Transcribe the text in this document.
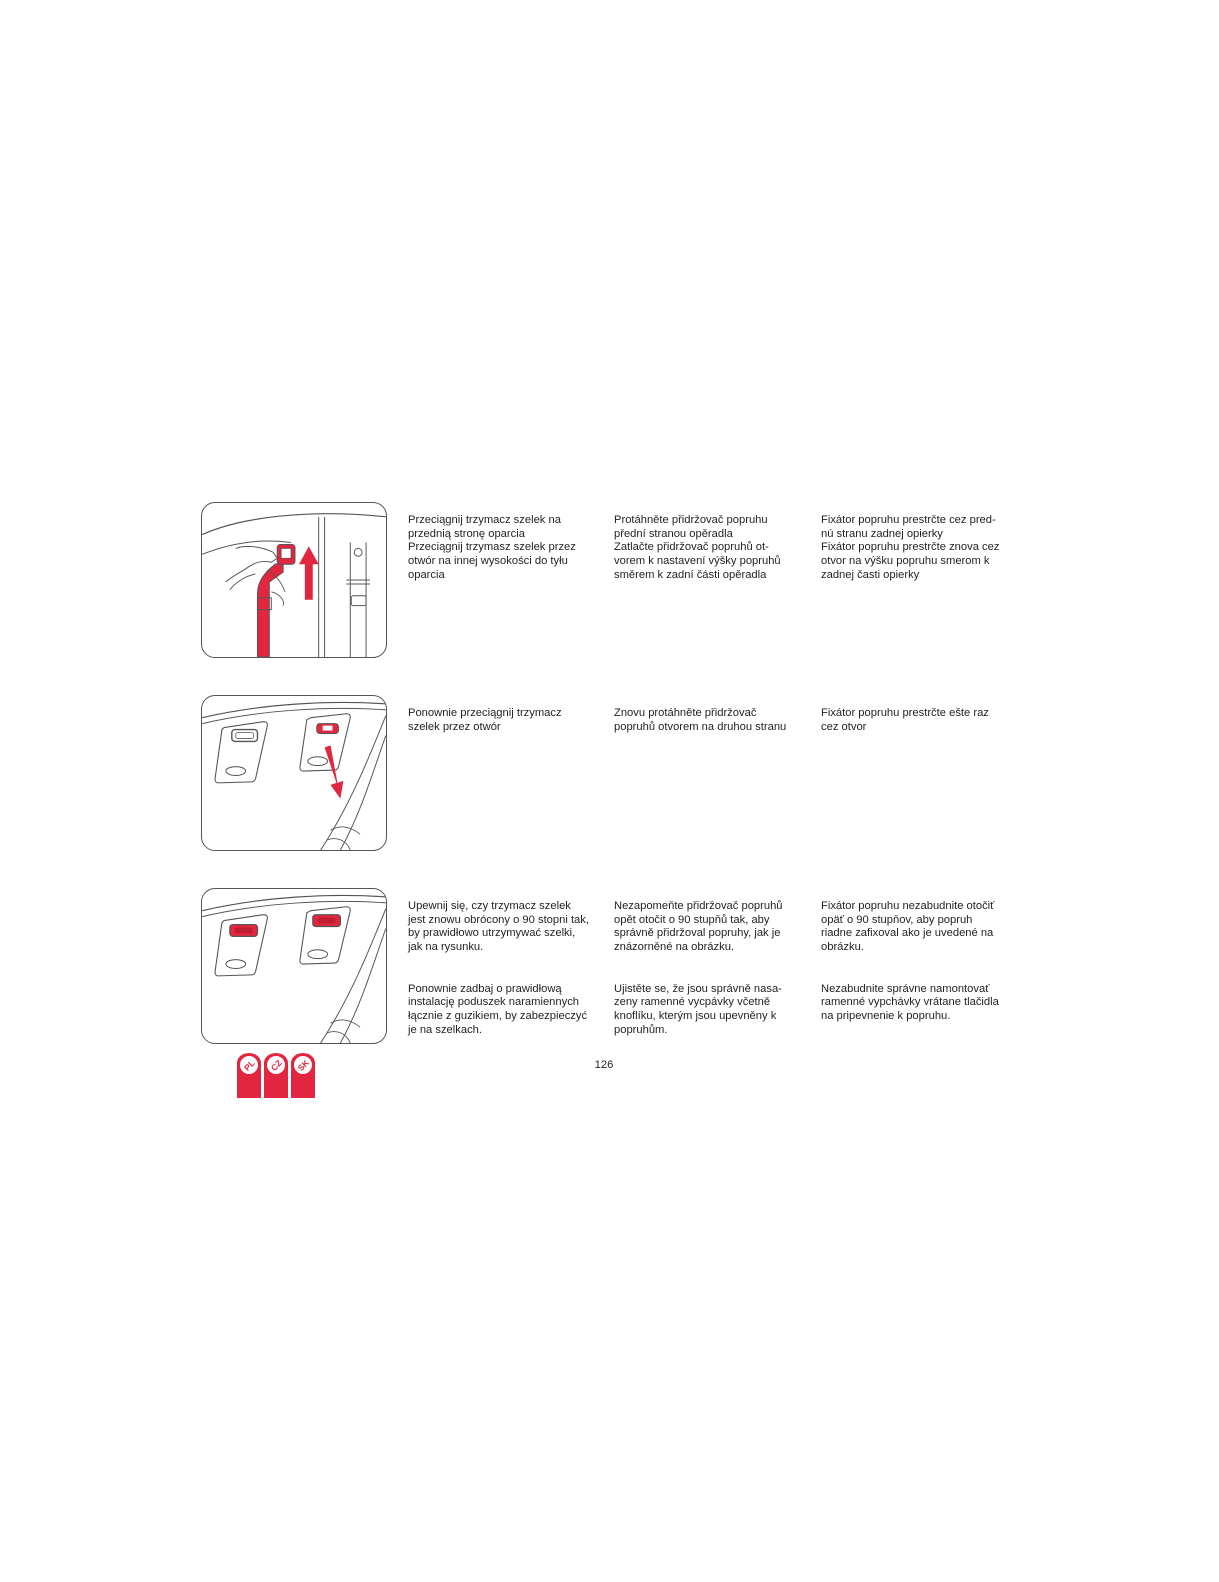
Przeciągnij trzymacz szelek na
przednią stronę oparcia
Przeciągnij trzymasz szelek przez
otwór na innej wysokości do tyłu
oparcia

Protáhněte přidržovač popruhu
přední stranou opěradla
Zatlačte přidržovač popruhů ot-
vorem k nastavení výšky popruhů
směrem k zadní části opěradla

Fixátor popruhu prestrčte cez pred-
nú stranu zadnej opierky
Fixátor popruhu prestrčte znova cez
otvor na výšku popruhu smerom k
zadnej časti opierky

Ponownie przeciągnij trzymacz
szelek przez otwór

Znovu protáhněte přidržovač
popruhů otvorem na druhou stranu

Fixátor popruhu prestrčte ešte raz
cez otvor

Upewnij się, czy trzymacz szelek
jest znowu obrócony o 90 stopni tak,
by prawidłowo utrzymywać szelki,
jak na rysunku.

Ponownie zadbaj o prawidłową
instalację poduszek naramiennych
łącznie z guzikiem, by zabezpieczyć
je na szelkach.

Nezapomeňte přidržovač popruhů
opět otočit o 90 stupňů tak, aby
správně přidržoval popruhy, jak je
znázorněné na obrázku.

Ujistěte se, že jsou správně nasa-
zeny ramenné vycpávky včetně
knoflíku, kterým jsou upevněny k
popruhům.

Fixátor popruhu nezabudnite otočiť
opäť o 90 stupňov, aby popruh
riadne zafixoval ako je uvedené na
obrázku.

Nezabudnite správne namontovať
ramenné vypchávky vrátane tlačidla
na pripevnenie k popruhu.

PL CZ SK	126
